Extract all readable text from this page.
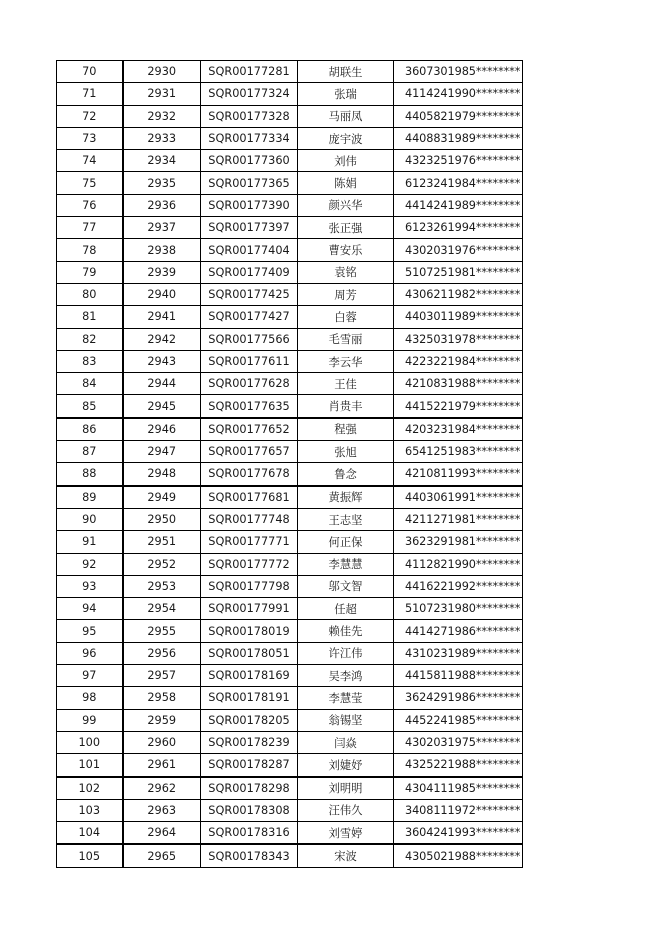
70	2930	SQR00177281	胡联生	3607301985********
71	2931	SQR00177324	张瑞	4114241990********
72	2932	SQR00177328	马丽凤	4405821979********
73	2933	SQR00177334	庞宇波	4408831989********
74	2934	SQR00177360	刘伟	4323251976********
75	2935	SQR00177365	陈娟	6123241984********
76	2936	SQR00177390	颜兴华	4414241989********
77	2937	SQR00177397	张正强	6123261994********
78	2938	SQR00177404	曹安乐	4302031976********
79	2939	SQR00177409	袁铭	5107251981********
80	2940	SQR00177425	周芳	4306211982********
81	2941	SQR00177427	白蓉	4403011989********
82	2942	SQR00177566	毛雪丽	4325031978********
83	2943	SQR00177611	李云华	4223221984********
84	2944	SQR00177628	王佳	4210831988********
85	2945	SQR00177635	肖贵丰	4415221979********
86	2946	SQR00177652	程强	4203231984********
87	2947	SQR00177657	张旭	6541251983********
88	2948	SQR00177678	鲁念	4210811993********
89	2949	SQR00177681	黄振辉	4403061991********
90	2950	SQR00177748	王志坚	4211271981********
91	2951	SQR00177771	何正保	3623291981********
92	2952	SQR00177772	李慧慧	4112821990********
93	2953	SQR00177798	邬文智	4416221992********
94	2954	SQR00177991	任超	5107231980********
95	2955	SQR00178019	赖佳先	4414271986********
96	2956	SQR00178051	许江伟	4310231989********
97	2957	SQR00178169	吴李鸿	4415811988********
98	2958	SQR00178191	李慧莹	3624291986********
99	2959	SQR00178205	翁锡坚	4452241985********
100	2960	SQR00178239	闫焱	4302031975********
101	2961	SQR00178287	刘婕妤	4325221988********
102	2962	SQR00178298	刘明明	4304111985********
103	2963	SQR00178308	汪伟久	3408111972********
104	2964	SQR00178316	刘雪婷	3604241993********
105	2965	SQR00178343	宋波	4305021988********
